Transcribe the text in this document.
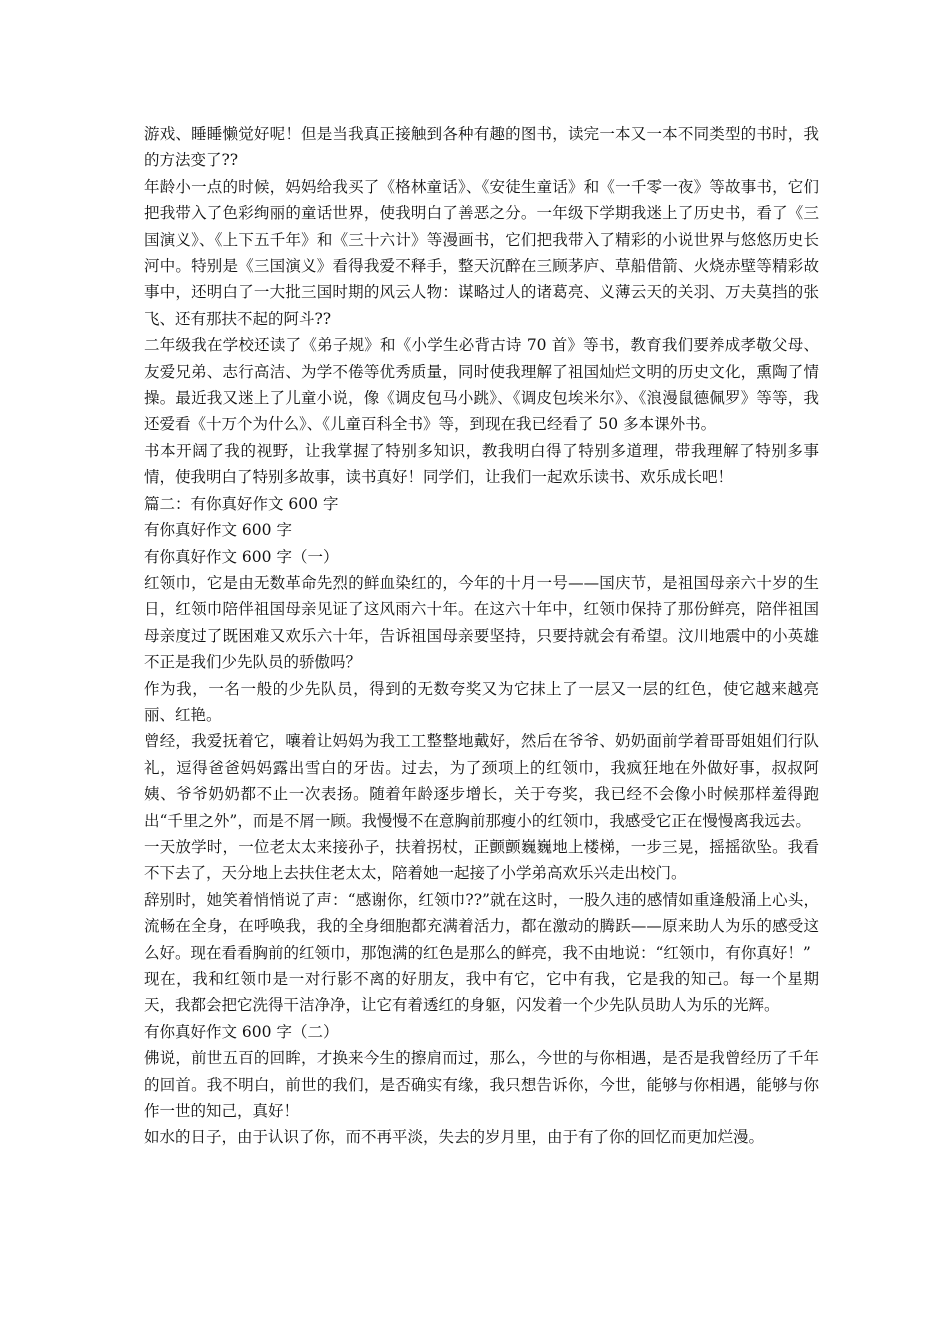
游戏、睡睡懒觉好呢！但是当我真正接触到各种有趣的图书，读完一本又一本不同类型的书时，我的方法变了??

年龄小一点的时候，妈妈给我买了《格林童话》、《安徒生童话》和《一千零一夜》等故事书，它们把我带入了色彩绚丽的童话世界，使我明白了善恶之分。一年级下学期我迷上了历史书，看了《三国演义》、《上下五千年》和《三十六计》等漫画书，它们把我带入了精彩的小说世界与悠悠历史长河中。特别是《三国演义》看得我爱不释手，整天沉醉在三顾茅庐、草船借箭、火烧赤壁等精彩故事中，还明白了一大批三国时期的风云人物：谋略过人的诸葛亮、义薄云天的关羽、万夫莫挡的张飞、还有那扶不起的阿斗??

二年级我在学校还读了《弟子规》和《小学生必背古诗 70 首》等书，教育我们要养成孝敬父母、友爱兄弟、志行高洁、为学不倦等优秀质量，同时使我理解了祖国灿烂文明的历史文化，熏陶了情操。最近我又迷上了儿童小说，像《调皮包马小跳》、《调皮包埃米尔》、《浪漫鼠德佩罗》等等，我还爱看《十万个为什么》、《儿童百科全书》等，到现在我已经看了 50 多本课外书。

书本开阔了我的视野，让我掌握了特别多知识，教我明白得了特别多道理，带我理解了特别多事情，使我明白了特别多故事，读书真好！同学们，让我们一起欢乐读书、欢乐成长吧！

篇二：有你真好作文 600 字

有你真好作文 600 字

有你真好作文 600 字（一）

红领巾，它是由无数革命先烈的鲜血染红的，今年的十月一号——国庆节，是祖国母亲六十岁的生日，红领巾陪伴祖国母亲见证了这风雨六十年。在这六十年中，红领巾保持了那份鲜亮，陪伴祖国母亲度过了既困难又欢乐六十年，告诉祖国母亲要坚持，只要持就会有希望。汶川地震中的小英雄不正是我们少先队员的骄傲吗？

作为我，一名一般的少先队员，得到的无数夸奖又为它抹上了一层又一层的红色，使它越来越亮丽、红艳。

曾经，我爱抚着它，嚷着让妈妈为我工工整整地戴好，然后在爷爷、奶奶面前学着哥哥姐姐们行队礼，逗得爸爸妈妈露出雪白的牙齿。过去，为了颈项上的红领巾，我疯狂地在外做好事，叔叔阿姨、爷爷奶奶都不止一次表扬。随着年龄逐步增长，关于夸奖，我已经不会像小时候那样羞得跑出“千里之外”，而是不屑一顾。我慢慢不在意胸前那瘦小的红领巾，我感受它正在慢慢离我远去。

一天放学时，一位老太太来接孙子，扶着拐杖，正颤颤巍巍地上楼梯，一步三晃，摇摇欲坠。我看不下去了，天分地上去扶住老太太，陪着她一起接了小学弟高欢乐兴走出校门。

辞别时，她笑着悄悄说了声：“感谢你，红领巾??”就在这时，一股久违的感情如重逢般涌上心头，流畅在全身，在呼唤我，我的全身细胞都充满着活力，都在激动的腾跃——原来助人为乐的感受这么好。现在看看胸前的红领巾，那饱满的红色是那么的鲜亮，我不由地说：“红领巾，有你真好！”

现在，我和红领巾是一对行影不离的好朋友，我中有它，它中有我，它是我的知己。每一个星期天，我都会把它洗得干洁净净，让它有着透红的身躯，闪发着一个少先队员助人为乐的光辉。

有你真好作文 600 字（二）

佛说，前世五百的回眸，才换来今生的擦肩而过，那么，今世的与你相遇，是否是我曾经历了千年的回首。我不明白，前世的我们，是否确实有缘，我只想告诉你，今世，能够与你相遇，能够与你作一世的知己，真好！

如水的日子，由于认识了你，而不再平淡，失去的岁月里，由于有了你的回忆而更加烂漫。
